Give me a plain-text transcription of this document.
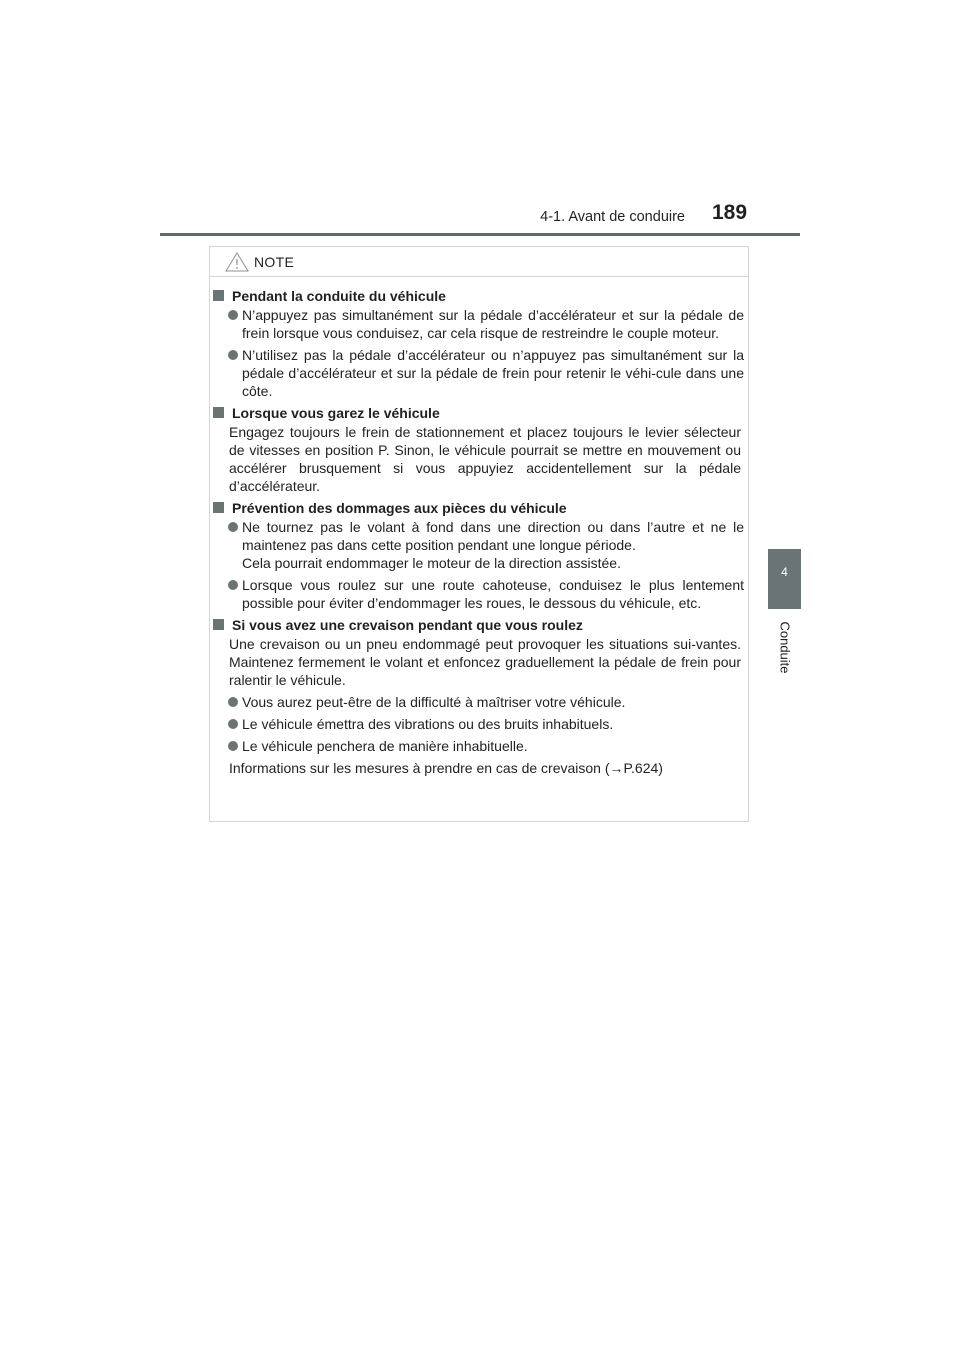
4-1. Avant de conduire 189
4
Conduite
NOTE
Pendant la conduite du véhicule
N’appuyez pas simultanément sur la pédale d’accélérateur et sur la pédale de frein lorsque vous conduisez, car cela risque de restreindre le couple moteur.
N’utilisez pas la pédale d’accélérateur ou n’appuyez pas simultanément sur la pédale d’accélérateur et sur la pédale de frein pour retenir le véhi-cule dans une côte.
Lorsque vous garez le véhicule
Engagez toujours le frein de stationnement et placez toujours le levier sélecteur de vitesses en position P. Sinon, le véhicule pourrait se mettre en mouvement ou accélérer brusquement si vous appuyiez accidentellement sur la pédale d’accélérateur.
Prévention des dommages aux pièces du véhicule
Ne tournez pas le volant à fond dans une direction ou dans l’autre et ne le maintenez pas dans cette position pendant une longue période.
Cela pourrait endommager le moteur de la direction assistée.
Lorsque vous roulez sur une route cahoteuse, conduisez le plus lentement possible pour éviter d’endommager les roues, le dessous du véhicule, etc.
Si vous avez une crevaison pendant que vous roulez
Une crevaison ou un pneu endommagé peut provoquer les situations sui-vantes. Maintenez fermement le volant et enfoncez graduellement la pédale de frein pour ralentir le véhicule.
Vous aurez peut-être de la difficulté à maîtriser votre véhicule.
Le véhicule émettra des vibrations ou des bruits inhabituels.
Le véhicule penchera de manière inhabituelle.
Informations sur les mesures à prendre en cas de crevaison (→P.624)
